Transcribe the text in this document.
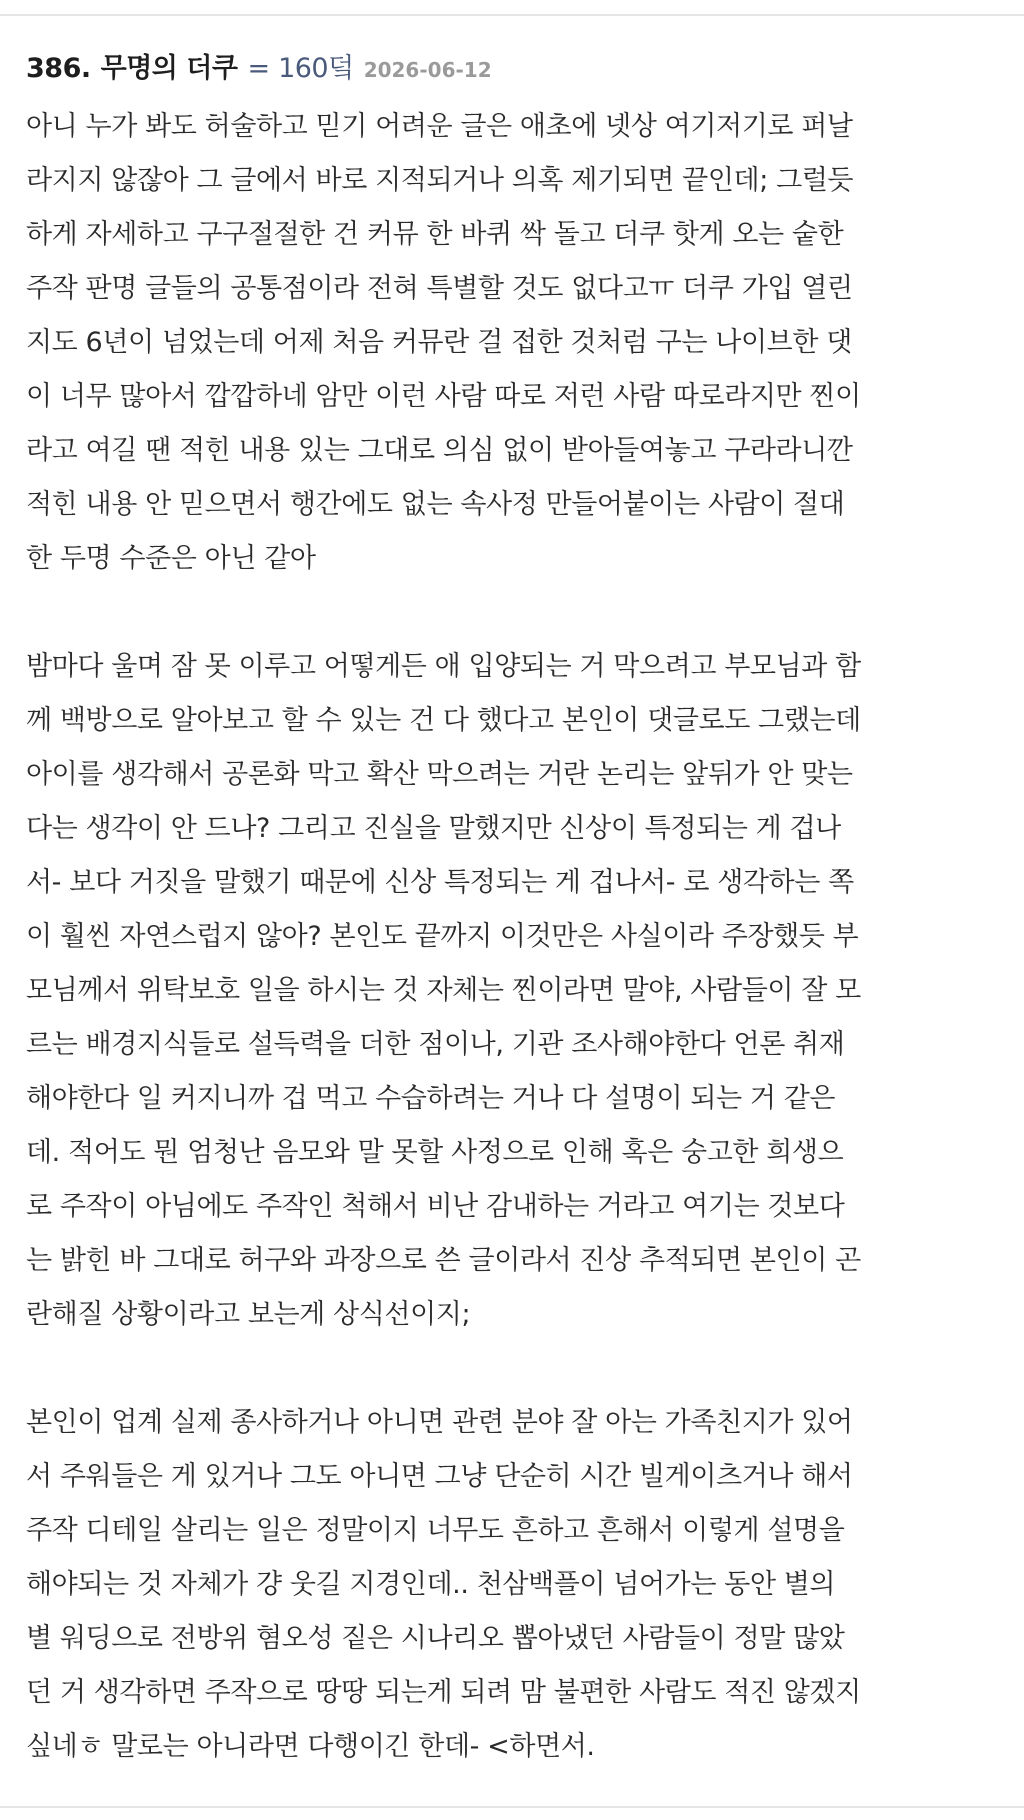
386. 무명의 더쿠 = 160덬 2026-06-12
아니 누가 봐도 허술하고 믿기 어려운 글은 애초에 넷상 여기저기로 퍼날
라지지 않잖아 그 글에서 바로 지적되거나 의혹 제기되면 끝인데; 그럴듯
하게 자세하고 구구절절한 건 커뮤 한 바퀴 싹 돌고 더쿠 핫게 오는 숱한
주작 판명 글들의 공통점이라 전혀 특별할 것도 없다고ㅠ 더쿠 가입 열린
지도 6년이 넘었는데 어제 처음 커뮤란 걸 접한 것처럼 구는 나이브한 댓
이 너무 많아서 깝깝하네 암만 이런 사람 따로 저런 사람 따로라지만 찐이
라고 여길 땐 적힌 내용 있는 그대로 의심 없이 받아들여놓고 구라라니깐
적힌 내용 안 믿으면서 행간에도 없는 속사정 만들어붙이는 사람이 절대
한 두명 수준은 아닌 같아
밤마다 울며 잠 못 이루고 어떻게든 애 입양되는 거 막으려고 부모님과 함
께 백방으로 알아보고 할 수 있는 건 다 했다고 본인이 댓글로도 그랬는데
아이를 생각해서 공론화 막고 확산 막으려는 거란 논리는 앞뒤가 안 맞는
다는 생각이 안 드나? 그리고 진실을 말했지만 신상이 특정되는 게 겁나
서- 보다 거짓을 말했기 때문에 신상 특정되는 게 겁나서- 로 생각하는 쪽
이 훨씬 자연스럽지 않아? 본인도 끝까지 이것만은 사실이라 주장했듯 부
모님께서 위탁보호 일을 하시는 것 자체는 찐이라면 말야, 사람들이 잘 모
르는 배경지식들로 설득력을 더한 점이나, 기관 조사해야한다 언론 취재
해야한다 일 커지니까 겁 먹고 수습하려는 거나 다 설명이 되는 거 같은
데. 적어도 뭔 엄청난 음모와 말 못할 사정으로 인해 혹은 숭고한 희생으
로 주작이 아님에도 주작인 척해서 비난 감내하는 거라고 여기는 것보다
는 밝힌 바 그대로 허구와 과장으로 쓴 글이라서 진상 추적되면 본인이 곤
란해질 상황이라고 보는게 상식선이지;
본인이 업계 실제 종사하거나 아니면 관련 분야 잘 아는 가족친지가 있어
서 주워들은 게 있거나 그도 아니면 그냥 단순히 시간 빌게이츠거나 해서
주작 디테일 살리는 일은 정말이지 너무도 흔하고 흔해서 이렇게 설명을
해야되는 것 자체가 걍 웃길 지경인데.. 천삼백플이 넘어가는 동안 별의
별 워딩으로 전방위 혐오성 짙은 시나리오 뽑아냈던 사람들이 정말 많았
던 거 생각하면 주작으로 땅땅 되는게 되려 맘 불편한 사람도 적진 않겠지
싶네ㅎ 말로는 아니라면 다행이긴 한데- <하면서.
